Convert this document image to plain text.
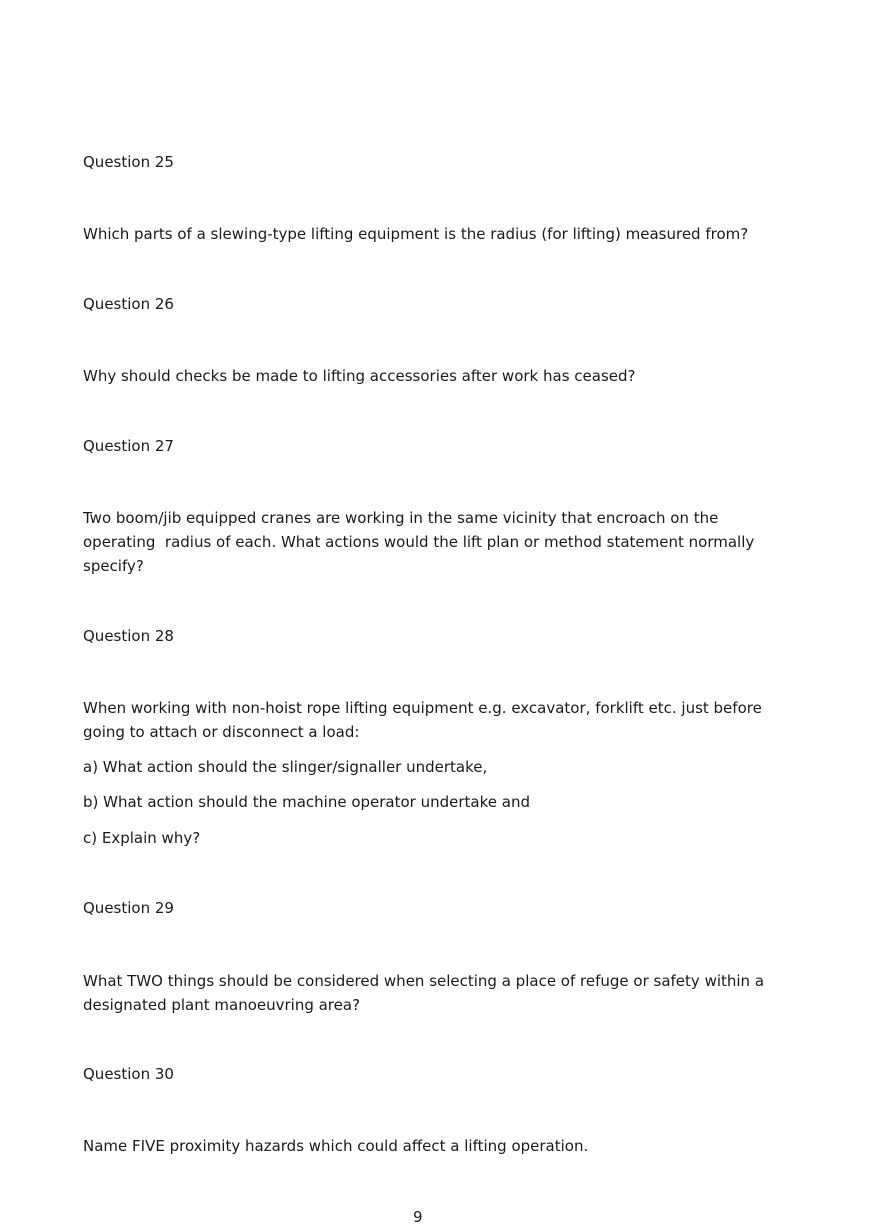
Question 25
Which parts of a slewing-type lifting equipment is the radius (for lifting) measured from?
Question 26
Why should checks be made to lifting accessories after work has ceased?
Question 27
Two boom/jib equipped cranes are working in the same vicinity that encroach on the
operating  radius of each. What actions would the lift plan or method statement normally
specify?
Question 28
When working with non-hoist rope lifting equipment e.g. excavator, forklift etc. just before
going to attach or disconnect a load:
a) What action should the slinger/signaller undertake,
b) What action should the machine operator undertake and
c) Explain why?
Question 29
What TWO things should be considered when selecting a place of refuge or safety within a
designated plant manoeuvring area?
Question 30
Name FIVE proximity hazards which could affect a lifting operation.
9
